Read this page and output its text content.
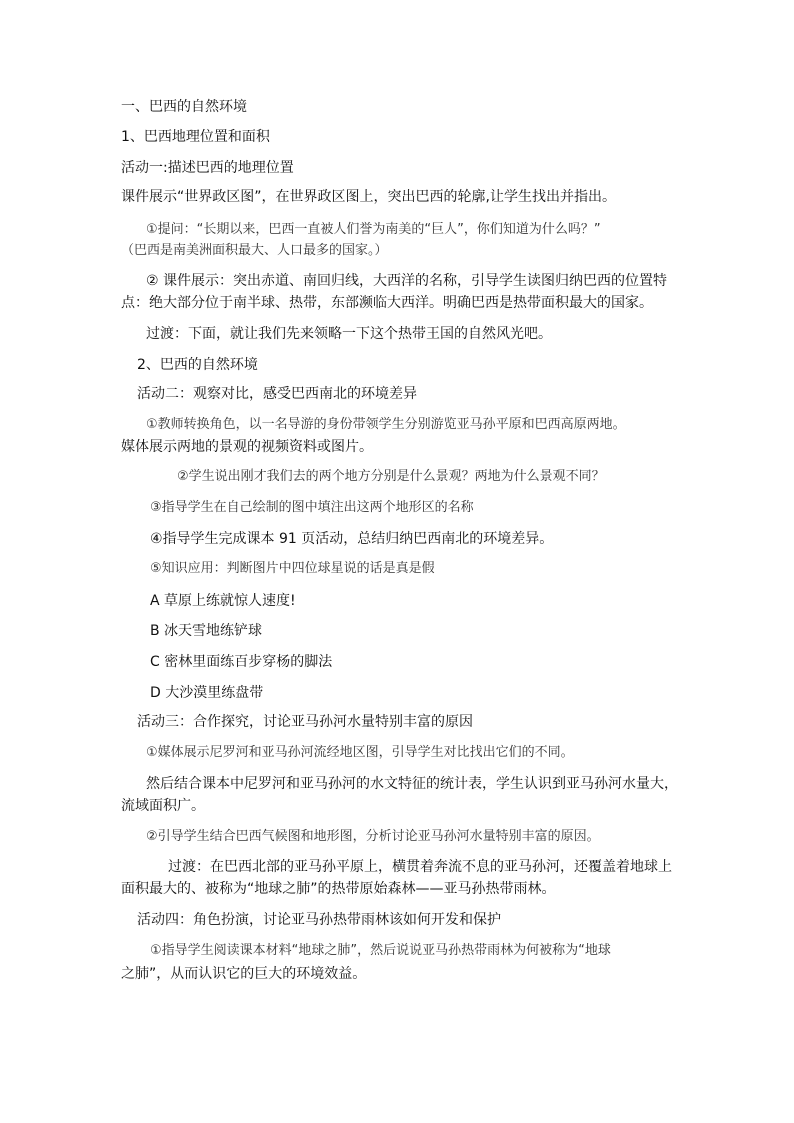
一、巴西的自然环境
1、巴西地理位置和面积
活动一:描述巴西的地理位置
课件展示“世界政区图”，在世界政区图上，突出巴西的轮廓,让学生找出并指出。
①提问：“长期以来，巴西一直被人们誉为南美的“巨人”，你们知道为什么吗？”
（巴西是南美洲面积最大、人口最多的国家。）
② 课件展示：突出赤道、南回归线，大西洋的名称，引导学生读图归纳巴西的位置特
点：绝大部分位于南半球、热带，东部濒临大西洋。明确巴西是热带面积最大的国家。
过渡：下面，就让我们先来领略一下这个热带王国的自然风光吧。
2、巴西的自然环境
活动二：观察对比，感受巴西南北的环境差异
①教师转换角色，以一名导游的身份带领学生分别游览亚马孙平原和巴西高原两地。
媒体展示两地的景观的视频资料或图片。
②学生说出刚才我们去的两个地方分别是什么景观？两地为什么景观不同？
③指导学生在自己绘制的图中填注出这两个地形区的名称
④指导学生完成课本 91 页活动，总结归纳巴西南北的环境差异。
⑤知识应用：判断图片中四位球星说的话是真是假
A 草原上练就惊人速度!
B 冰天雪地练铲球
C 密林里面练百步穿杨的脚法
D 大沙漠里练盘带
活动三：合作探究，讨论亚马孙河水量特别丰富的原因
①媒体展示尼罗河和亚马孙河流经地区图，引导学生对比找出它们的不同。
然后结合课本中尼罗河和亚马孙河的水文特征的统计表，学生认识到亚马孙河水量大，
流域面积广。
②引导学生结合巴西气候图和地形图，分析讨论亚马孙河水量特别丰富的原因。
过渡：在巴西北部的亚马孙平原上，横贯着奔流不息的亚马孙河，还覆盖着地球上
面积最大的、被称为“地球之肺”的热带原始森林——亚马孙热带雨林。
活动四：角色扮演，讨论亚马孙热带雨林该如何开发和保护
①指导学生阅读课本材料“地球之肺”，然后说说亚马孙热带雨林为何被称为“地球
之肺”，从而认识它的巨大的环境效益。
